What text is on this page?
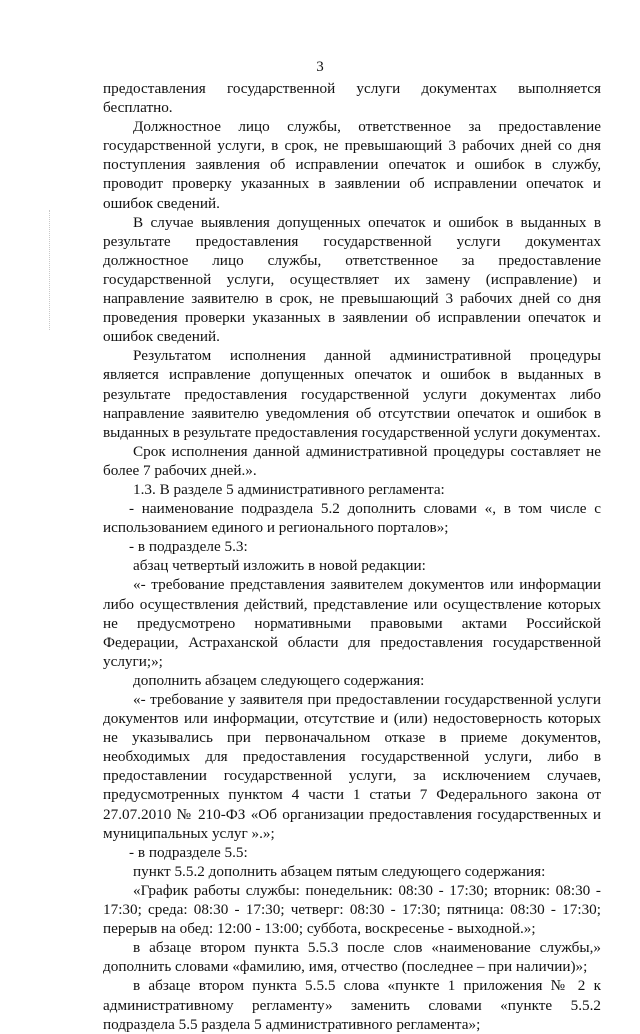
3

предоставления государственной услуги документах выполняется бесплатно.

Должностное лицо службы, ответственное за предоставление государственной услуги, в срок, не превышающий 3 рабочих дней со дня поступления заявления об исправлении опечаток и ошибок в службу, проводит проверку указанных в заявлении об исправлении опечаток и ошибок сведений.

В случае выявления допущенных опечаток и ошибок в выданных в результате предоставления государственной услуги документах должностное лицо службы, ответственное за предоставление государственной услуги, осуществляет их замену (исправление) и направление заявителю в срок, не превышающий 3 рабочих дней со дня проведения проверки указанных в заявлении об исправлении опечаток и ошибок сведений.

Результатом исполнения данной административной процедуры является исправление допущенных опечаток и ошибок в выданных в результате предоставления государственной услуги документах либо направление заявителю уведомления об отсутствии опечаток и ошибок в выданных в результате предоставления государственной услуги документах.

Срок исполнения данной административной процедуры составляет не более 7 рабочих дней.».

1.3. В разделе 5 административного регламента:

- наименование подраздела 5.2 дополнить словами «, в том числе с использованием единого и регионального порталов»;

- в подразделе 5.3:

абзац четвертый изложить в новой редакции:

«- требование представления заявителем документов или информации либо осуществления действий, представление или осуществление которых не предусмотрено нормативными правовыми актами Российской Федерации, Астраханской области для предоставления государственной услуги;»;

дополнить абзацем следующего содержания:

«- требование у заявителя при предоставлении государственной услуги документов или информации, отсутствие и (или) недостоверность которых не указывались при первоначальном отказе в приеме документов, необходимых для предоставления государственной услуги, либо в предоставлении государственной услуги, за исключением случаев, предусмотренных пунктом 4 части 1 статьи 7 Федерального закона от 27.07.2010 № 210-ФЗ «Об организации предоставления государственных и муниципальных услуг ».»;

- в подразделе 5.5:

пункт 5.5.2 дополнить абзацем пятым следующего содержания:

«График работы службы: понедельник: 08:30 - 17:30; вторник: 08:30 - 17:30; среда: 08:30 - 17:30; четверг: 08:30 - 17:30; пятница: 08:30 - 17:30; перерыв на обед: 12:00 - 13:00; суббота, воскресенье - выходной.»;

в абзаце втором пункта 5.5.3 после слов «наименование службы,» дополнить словами «фамилию, имя, отчество (последнее – при наличии)»;

в абзаце втором пункта 5.5.5 слова «пункте 1 приложения № 2 к административному регламенту» заменить словами «пункте 5.5.2 подраздела 5.5 раздела 5 административного регламента»;
